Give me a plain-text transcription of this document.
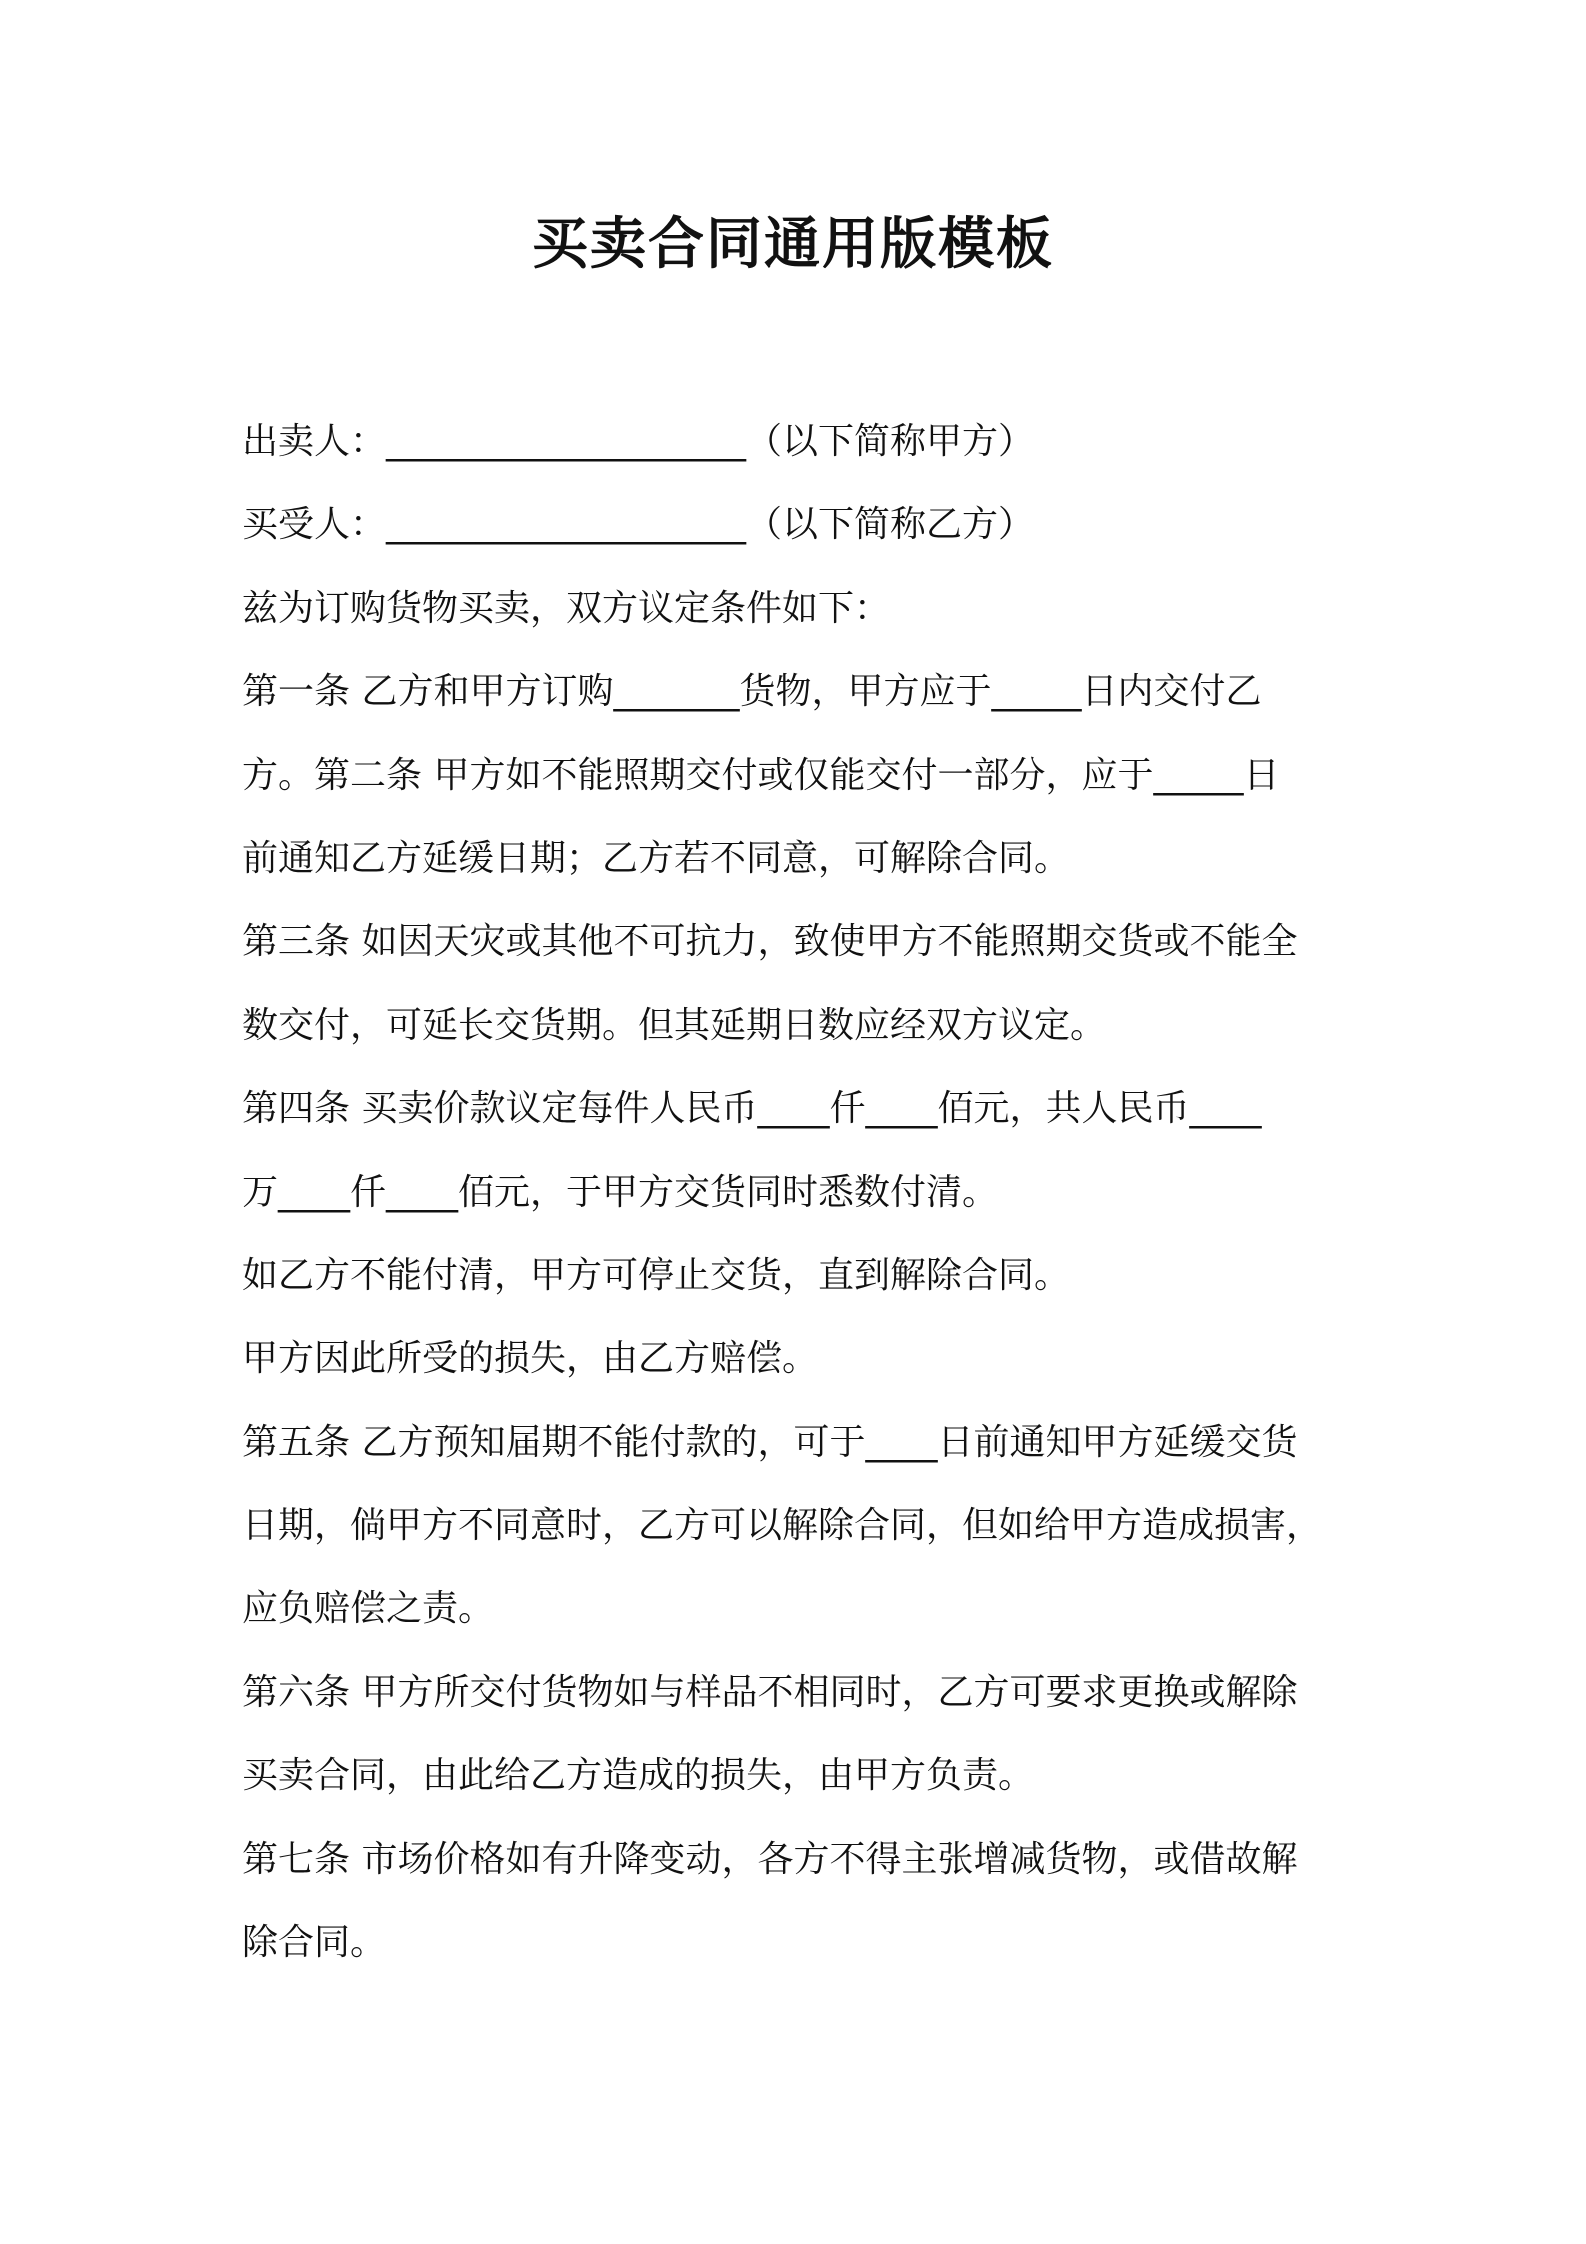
买卖合同通用版模板

出卖人：____________________（以下简称甲方）

买受人：____________________（以下简称乙方）

兹为订购货物买卖，双方议定条件如下：

第一条 乙方和甲方订购_______货物，甲方应于_____日内交付乙

方。第二条 甲方如不能照期交付或仅能交付一部分，应于_____日

前通知乙方延缓日期；乙方若不同意，可解除合同。

第三条 如因天灾或其他不可抗力，致使甲方不能照期交货或不能全

数交付，可延长交货期。但其延期日数应经双方议定。

第四条 买卖价款议定每件人民币____仟____佰元，共人民币____

万____仟____佰元，于甲方交货同时悉数付清。

如乙方不能付清，甲方可停止交货，直到解除合同。

甲方因此所受的损失，由乙方赔偿。

第五条 乙方预知届期不能付款的，可于____日前通知甲方延缓交货

日期，倘甲方不同意时，乙方可以解除合同，但如给甲方造成损害，

应负赔偿之责。

第六条 甲方所交付货物如与样品不相同时，乙方可要求更换或解除

买卖合同，由此给乙方造成的损失，由甲方负责。

第七条 市场价格如有升降变动，各方不得主张增减货物，或借故解

除合同。
